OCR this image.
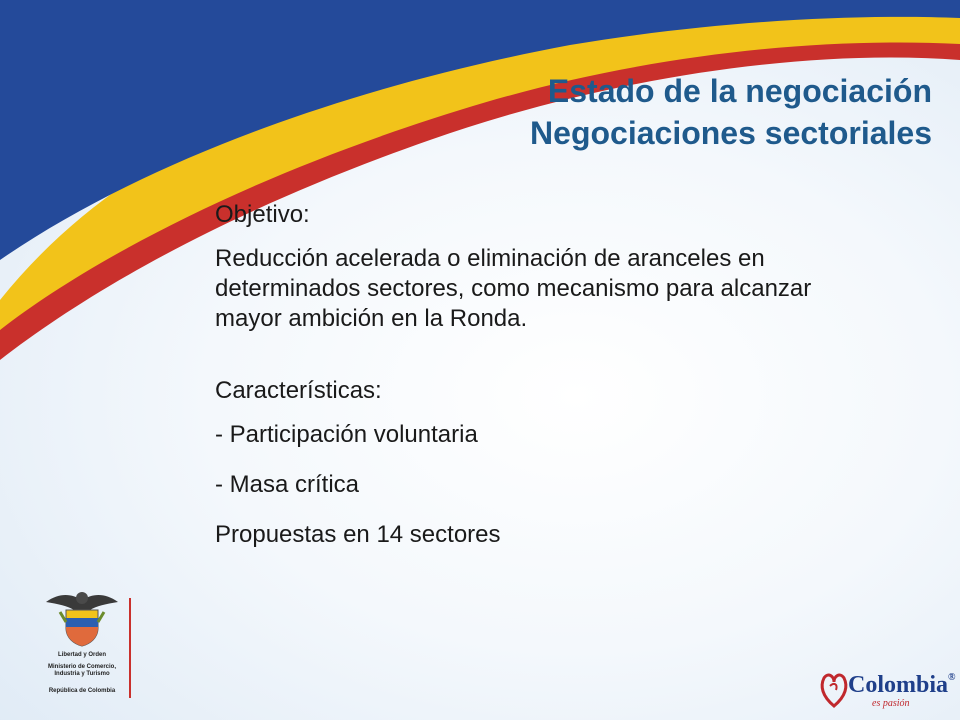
Estado de la negociación
Negociaciones sectoriales

Objetivo:

Reducción acelerada o eliminación de aranceles en determinados sectores, como mecanismo para alcanzar mayor ambición en la Ronda.

Características:

- Participación voluntaria

- Masa crítica

Propuestas en 14 sectores

Libertad y Orden
Ministerio de Comercio, Industria y Turismo
República de Colombia	Colombia®
es pasión
